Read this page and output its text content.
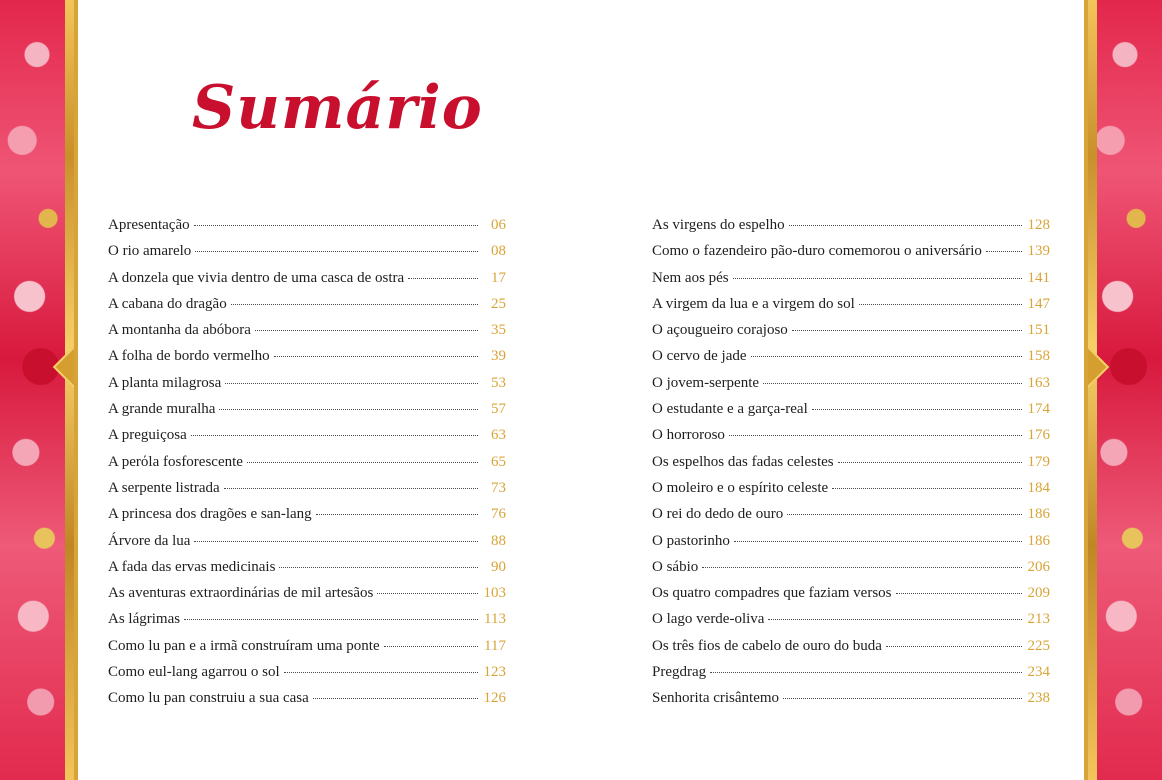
Sumário
Apresentação	06
O rio amarelo	08
A donzela que vivia dentro de uma casca de ostra	17
A cabana do dragão	25
A montanha da abóbora	35
A folha de bordo vermelho	39
A planta milagrosa	53
A grande muralha	57
A preguiçosa	63
A perόla fosforescente	65
A serpente listrada	73
A princesa dos dragões e san-lang	76
Árvore da lua	88
A fada das ervas medicinais	90
As aventuras extraordinárias de mil artesãos	103
As lágrimas	113
Como lu pan e a irmã construíram uma ponte	117
Como eul-lang agarrou o sol	123
Como lu pan construiu a sua casa	126
As virgens do espelho	128
Como o fazendeiro pão-duro comemorou o aniversário	139
Nem aos pés	141
A virgem da lua e a virgem do sol	147
O açougueiro corajoso	151
O cervo de jade	158
O jovem-serpente	163
O estudante e a garça-real	174
O horroroso	176
Os espelhos das fadas celestes	179
O moleiro e o espírito celeste	184
O rei do dedo de ouro	186
O pastorinho	186
O sábio	206
Os quatro compadres que faziam versos	209
O lago verde-oliva	213
Os três fios de cabelo de ouro do buda	225
Pregdrag	234
Senhorita crisântemo	238
